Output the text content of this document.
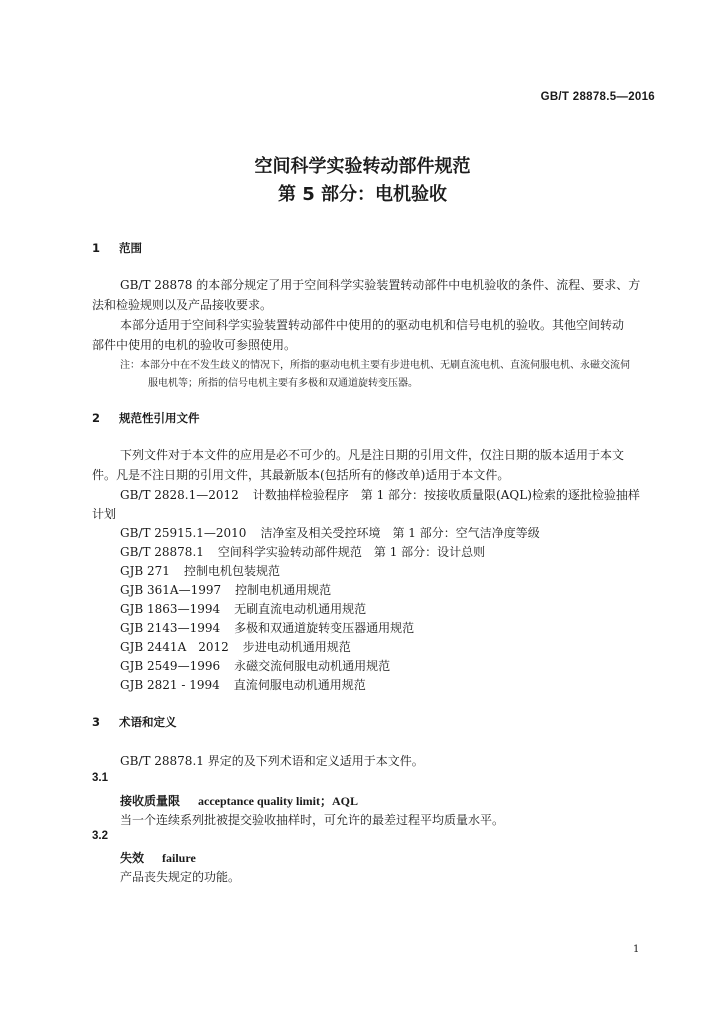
GB/T 28878.5—2016
空间科学实验转动部件规范
第 5 部分：电机验收
1 范围
GB/T 28878 的本部分规定了用于空间科学实验装置转动部件中电机验收的条件、流程、要求、方
法和检验规则以及产品接收要求。
本部分适用于空间科学实验装置转动部件中使用的的驱动电机和信号电机的验收。其他空间转动
部件中使用的电机的验收可参照使用。
注：本部分中在不发生歧义的情况下，所指的驱动电机主要有步进电机、无刷直流电机、直流伺服电机、永磁交流伺
服电机等；所指的信号电机主要有多极和双通道旋转变压器。
2 规范性引用文件
下列文件对于本文件的应用是必不可少的。凡是注日期的引用文件，仅注日期的版本适用于本文
件。凡是不注日期的引用文件，其最新版本(包括所有的修改单)适用于本文件。
GB/T 2828.1—2012 计数抽样检验程序　第 1 部分：按接收质量限(AQL)检索的逐批检验抽样
计划
GB/T 25915.1—2010 洁净室及相关受控环境　第 1 部分：空气洁净度等级
GB/T 28878.1 空间科学实验转动部件规范　第 1 部分：设计总则
GJB 271 控制电机包装规范
GJB 361A—1997 控制电机通用规范
GJB 1863—1994 无刷直流电动机通用规范
GJB 2143—1994 多极和双通道旋转变压器通用规范
GJB 2441A　2012 步进电动机通用规范
GJB 2549—1996 永磁交流伺服电动机通用规范
GJB 2821 - 1994 直流伺服电动机通用规范
3 术语和定义
GB/T 28878.1 界定的及下列术语和定义适用于本文件。
3.1
接收质量限 acceptance quality limit；AQL
当一个连续系列批被提交验收抽样时，可允许的最差过程平均质量水平。
3.2
失效 failure
产品丧失规定的功能。
1
